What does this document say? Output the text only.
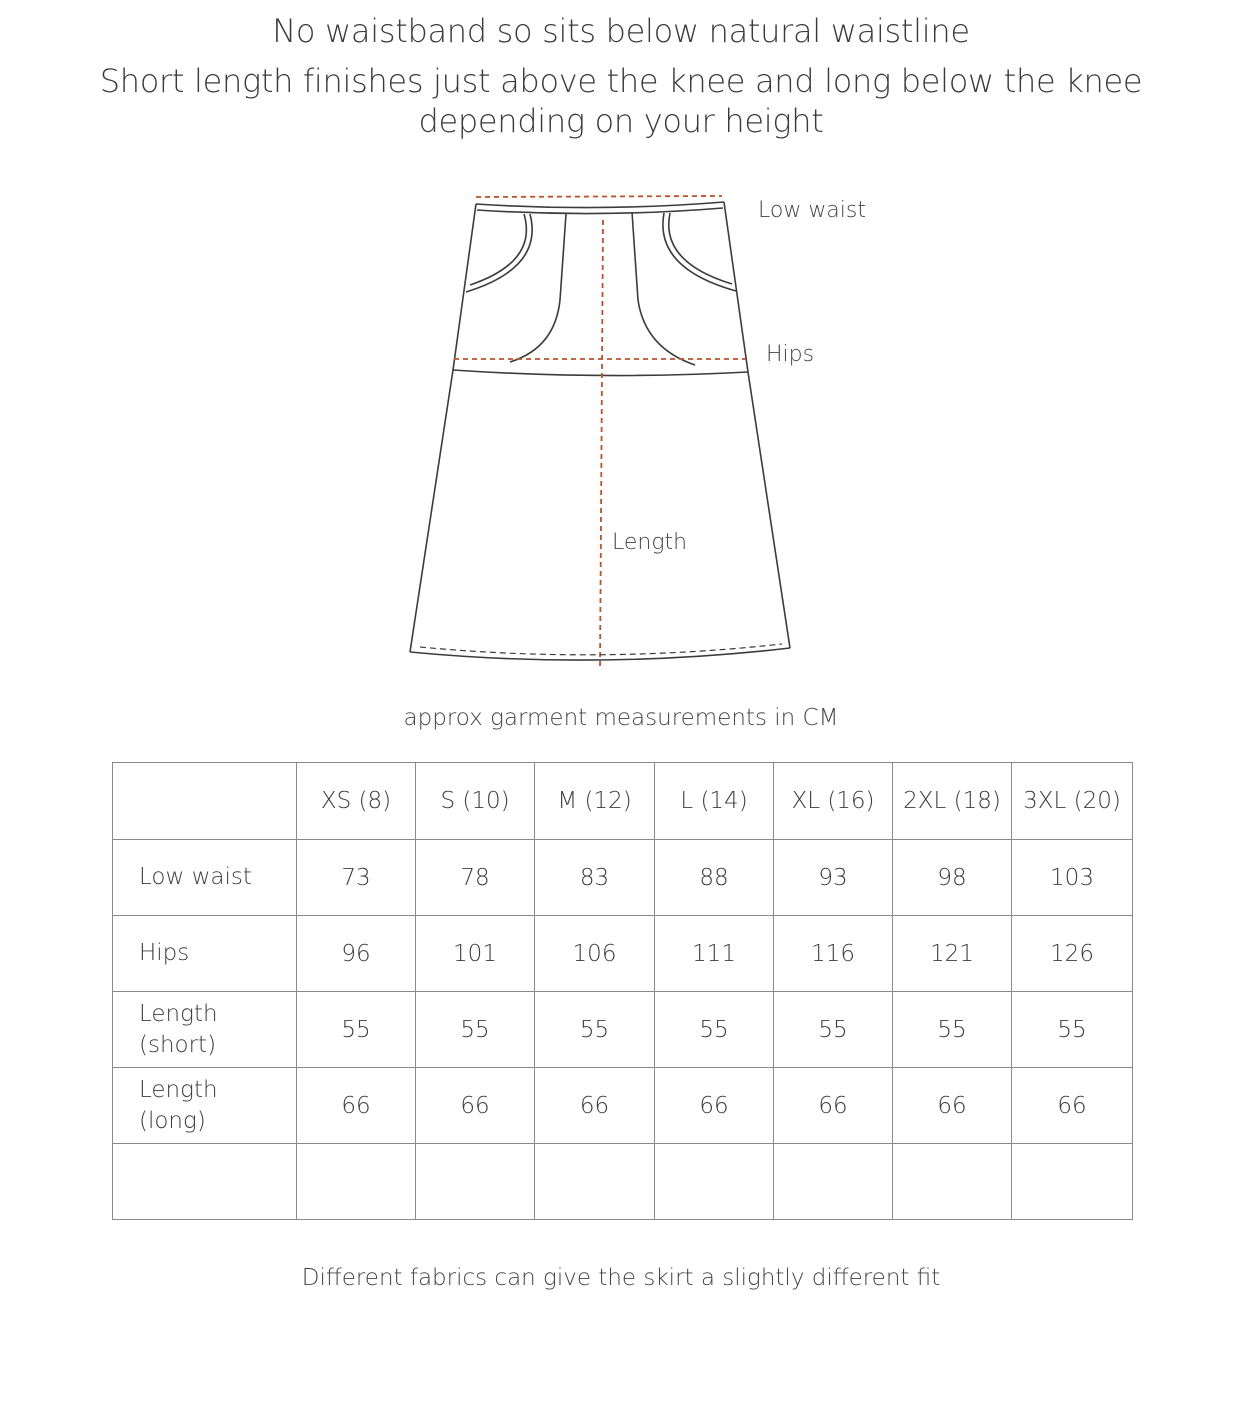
No waistband so sits below natural waistline
Short length finishes just above the knee and long below the knee
depending on your height
Low waist
Hips
Length
approx garment measurements in CM
	XS (8)	S (10)	M (12)	L (14)	XL (16)	2XL (18)	3XL (20)
Low waist	73	78	83	88	93	98	103
Hips	96	101	106	111	116	121	126
Length
(short)	55	55	55	55	55	55	55
Length
(long)	66	66	66	66	66	66	66

Different fabrics can give the skirt a slightly different fit
